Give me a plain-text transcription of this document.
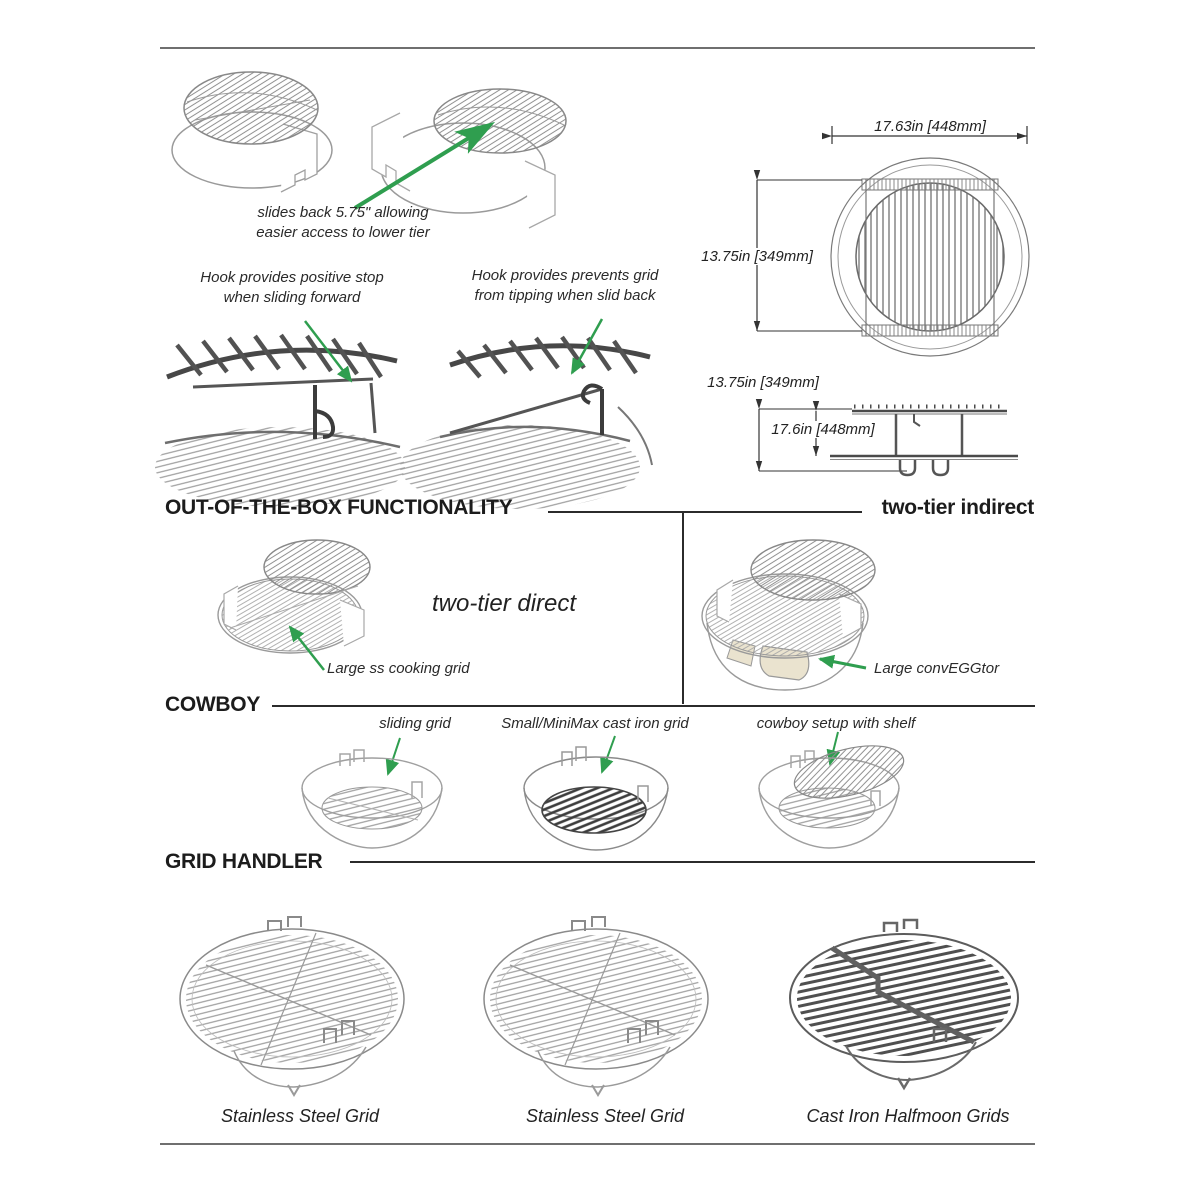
slides back 5.75" allowing
easier access to lower tier
Hook provides positive stop
when sliding forward
Hook provides prevents grid
from tipping when slid back
17.63in [448mm]
13.75in [349mm]
13.75in [349mm]
17.6in [448mm]
OUT-OF-THE-BOX FUNCTIONALITY	two-tier indirect
two-tier direct
Large ss cooking grid	Large convEGGtor
COWBOY
sliding grid	Small/MiniMax cast iron grid	cowboy setup with shelf
GRID HANDLER
Stainless Steel Grid	Stainless Steel Grid	Cast Iron Halfmoon Grids
